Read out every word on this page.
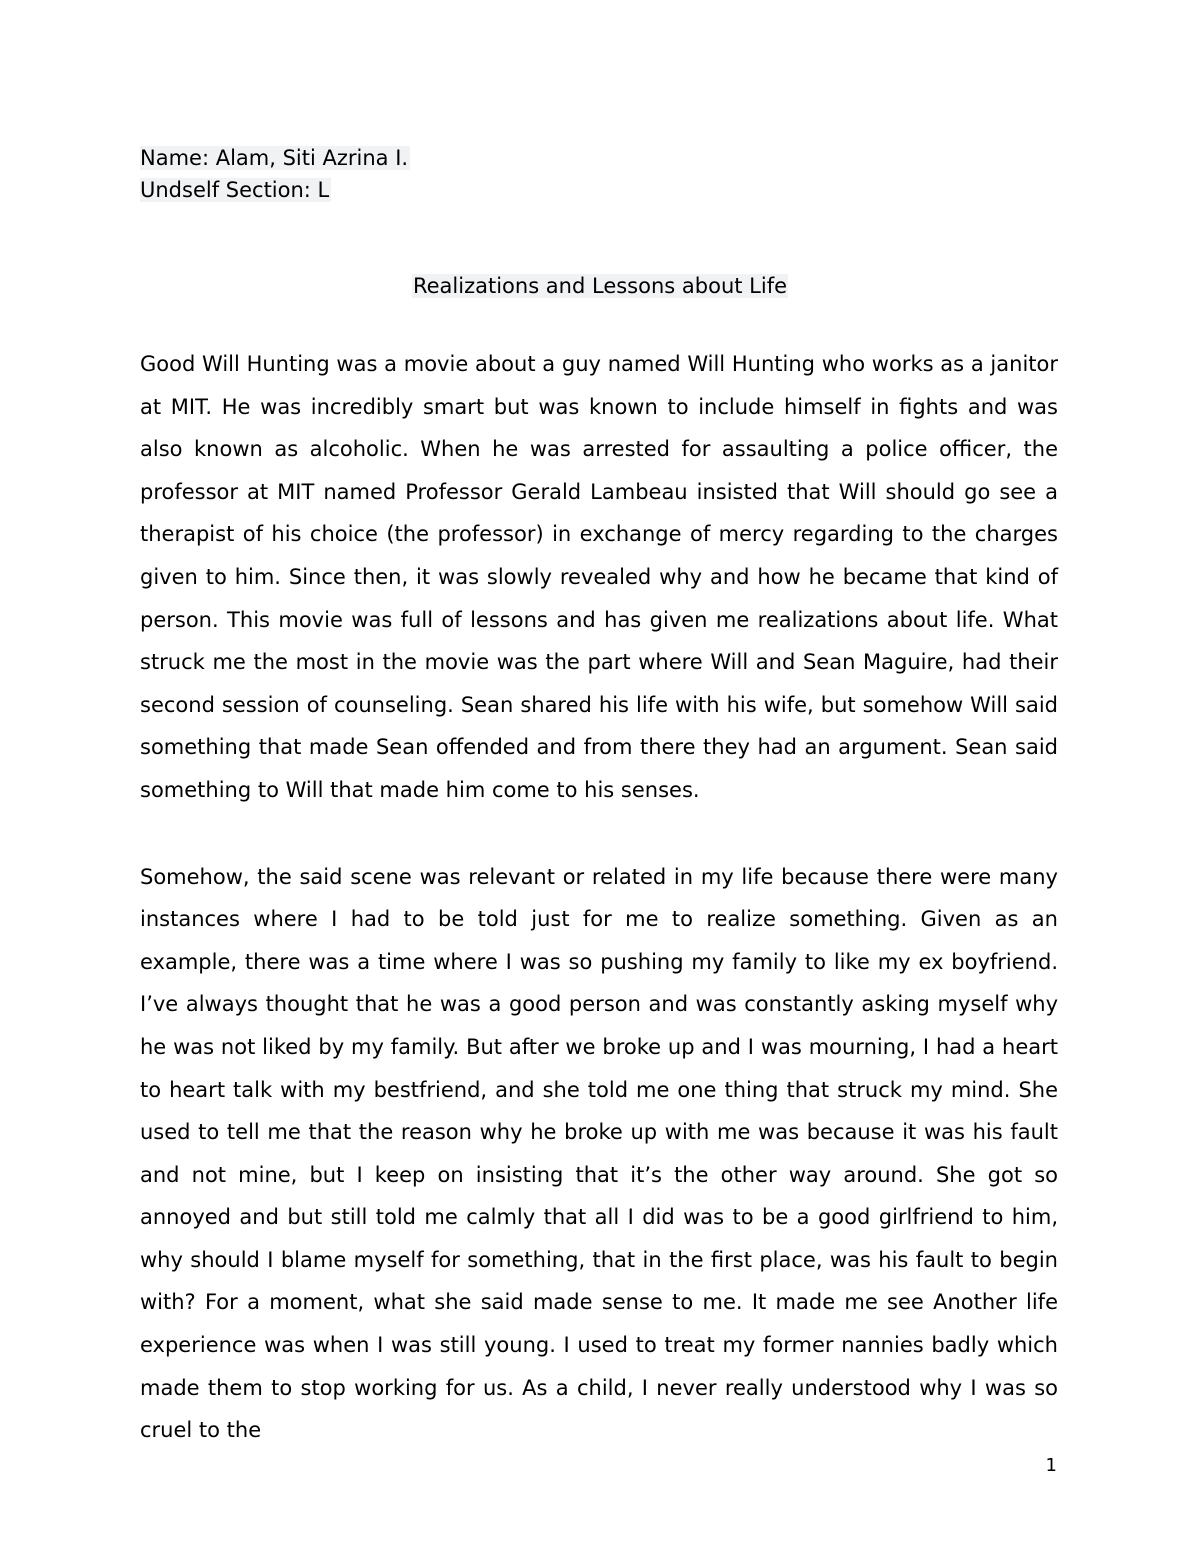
Name: Alam, Siti Azrina I.
Undself Section: L
Realizations and Lessons about Life

Good Will Hunting was a movie about a guy named Will Hunting who works as a janitor at MIT. He was incredibly smart but was known to include himself in fights and was also known as alcoholic. When he was arrested for assaulting a police officer, the professor at MIT named Professor Gerald Lambeau insisted that Will should go see a therapist of his choice (the professor) in exchange of mercy regarding to the charges given to him. Since then, it was slowly revealed why and how he became that kind of person. This movie was full of lessons and has given me realizations about life. What struck me the most in the movie was the part where Will and Sean Maguire, had their second session of counseling. Sean shared his life with his wife, but somehow Will said something that made Sean offended and from there they had an argument. Sean said something to Will that made him come to his senses.

Somehow, the said scene was relevant or related in my life because there were many instances where I had to be told just for me to realize something. Given as an example, there was a time where I was so pushing my family to like my ex boyfriend. I’ve always thought that he was a good person and was constantly asking myself why he was not liked by my family. But after we broke up and I was mourning, I had a heart to heart talk with my bestfriend, and she told me one thing that struck my mind. She used to tell me that the reason why he broke up with me was because it was his fault and not mine, but I keep on insisting that it’s the other way around. She got so annoyed and but still told me calmly that all I did was to be a good girlfriend to him, why should I blame myself for something, that in the first place, was his fault to begin with? For a moment, what she said made sense to me. It made me see Another life experience was when I was still young. I used to treat my former nannies badly which made them to stop working for us. As a child, I never really understood why I was so cruel to the

1
